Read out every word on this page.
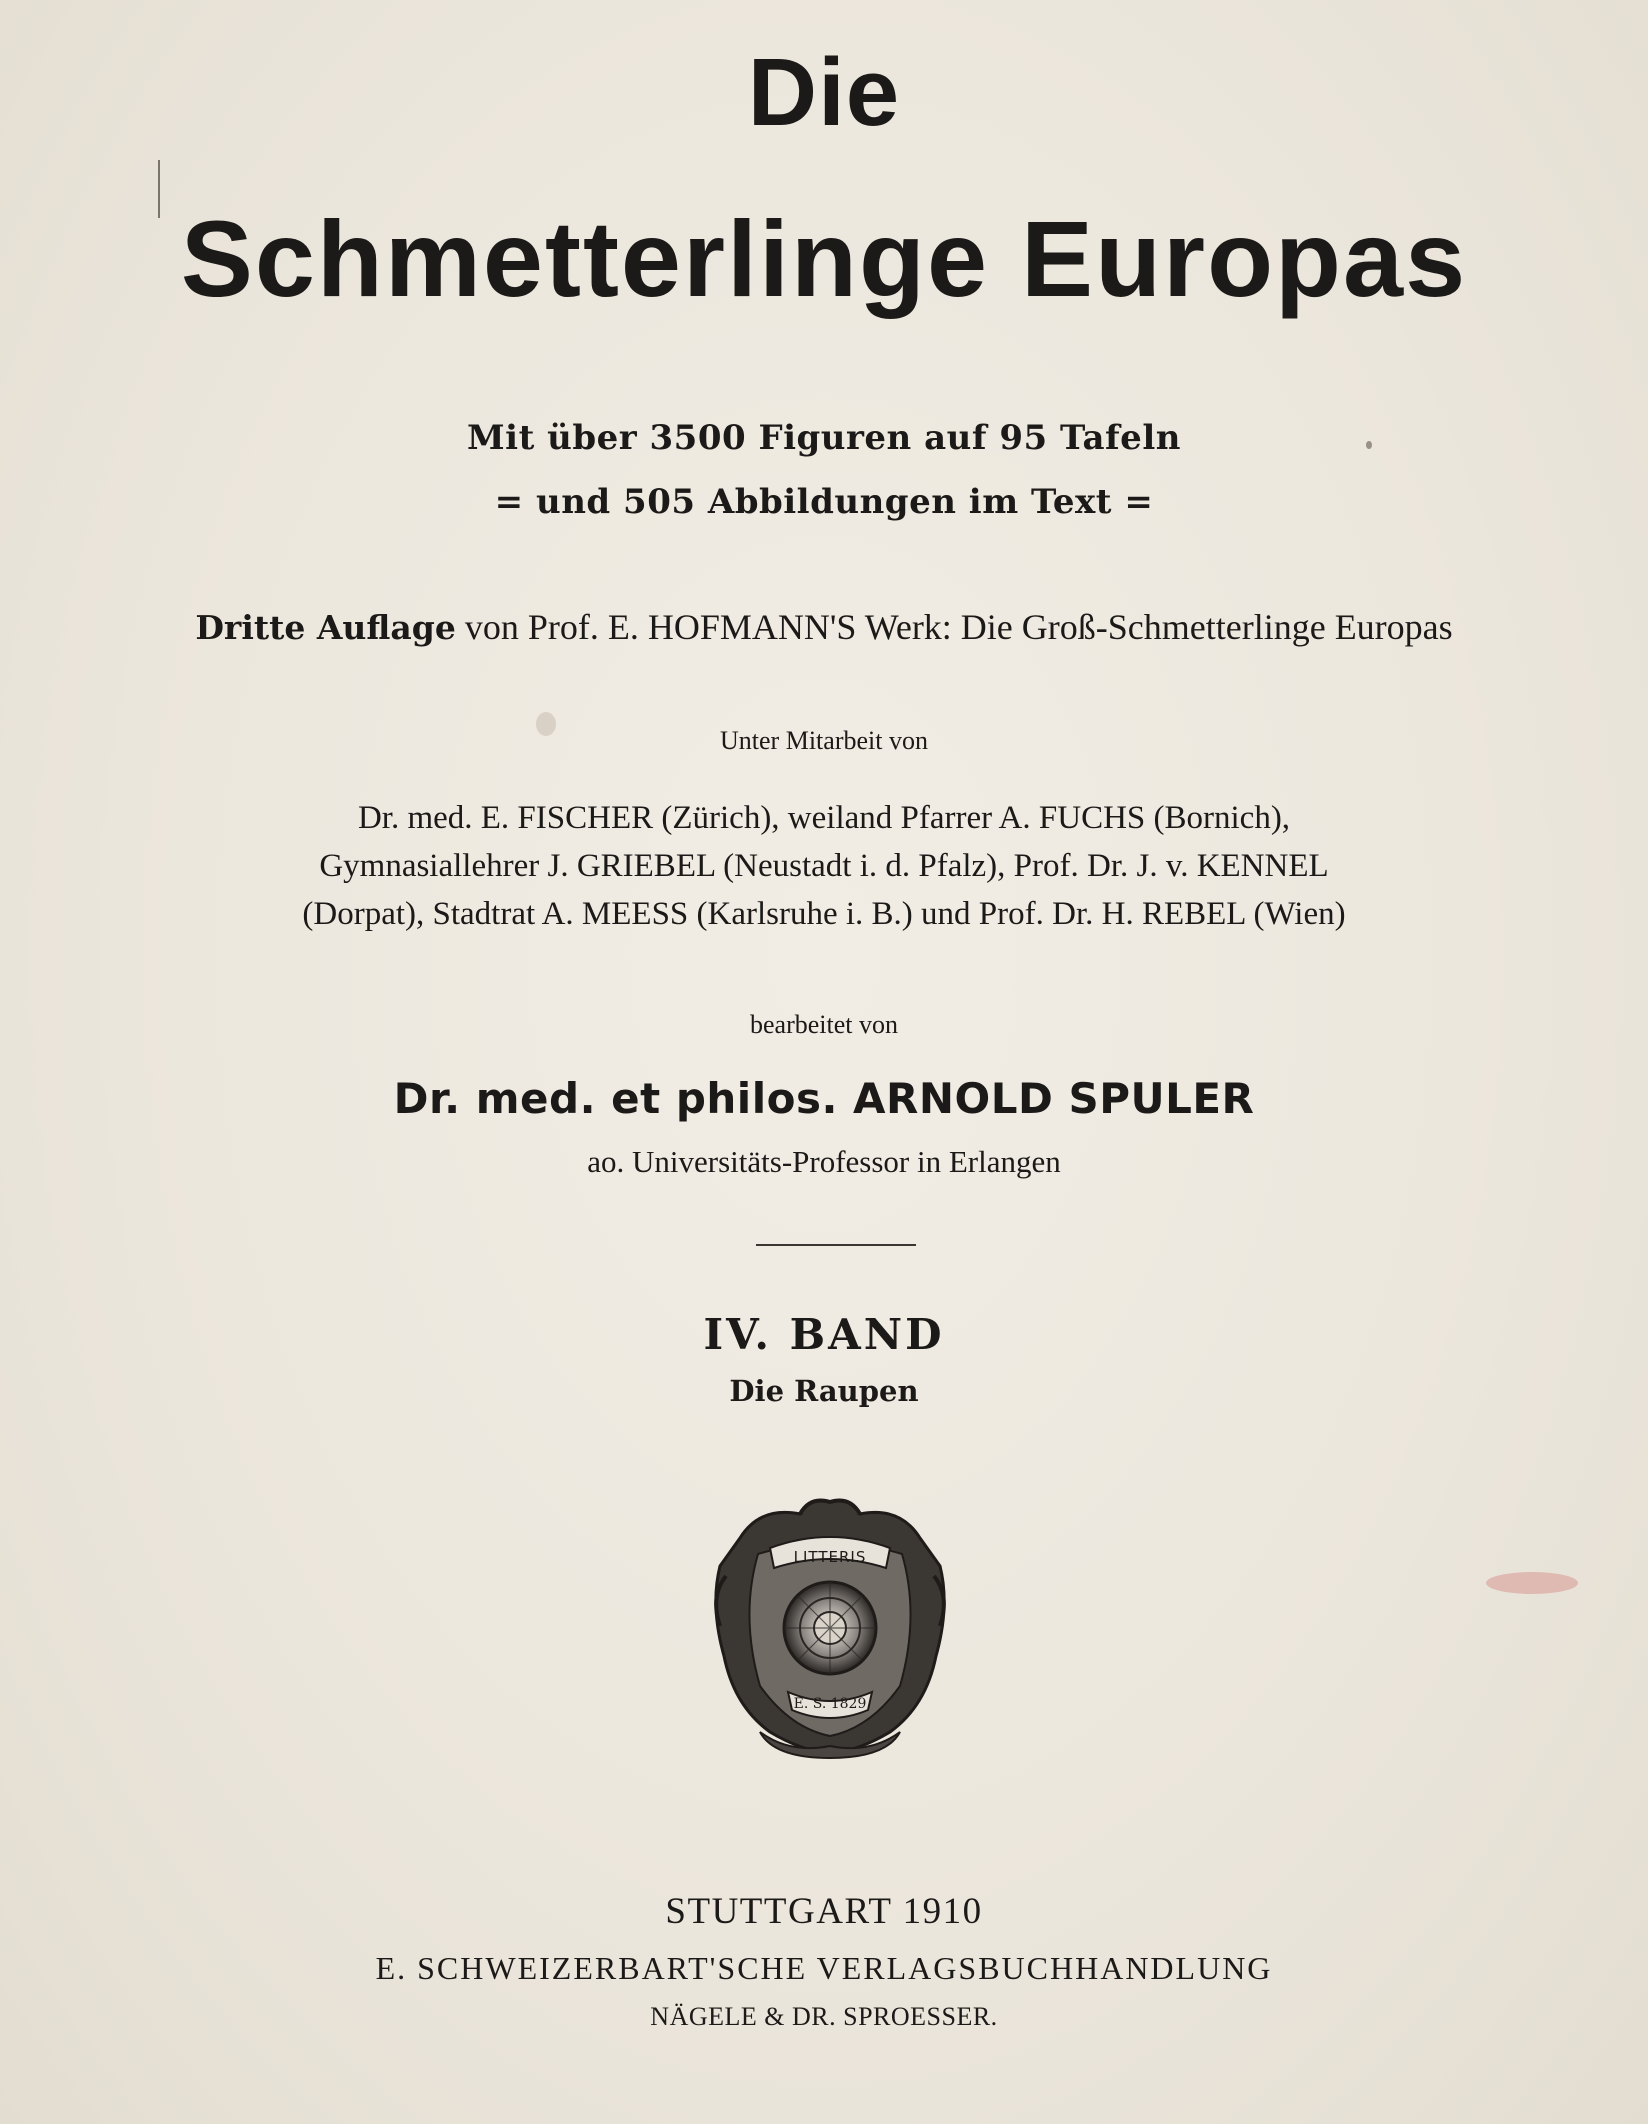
Die
Schmetterlinge Europas
Mit über 3500 Figuren auf 95 Tafeln
= und 505 Abbildungen im Text =
Dritte Auflage von Prof. E. HOFMANN'S Werk: Die Groß-Schmetterlinge Europas
Unter Mitarbeit von
Dr. med. E. FISCHER (Zürich), weiland Pfarrer A. FUCHS (Bornich),
Gymnasiallehrer J. GRIEBEL (Neustadt i. d. Pfalz), Prof. Dr. J. v. KENNEL
(Dorpat), Stadtrat A. MEESS (Karlsruhe i. B.) und Prof. Dr. H. REBEL (Wien)
bearbeitet von
Dr. med. et philos. ARNOLD SPULER
ao. Universitäts-Professor in Erlangen
IV. BAND
Die Raupen
LITTERIS
E. S. 1829
STUTTGART 1910
E. SCHWEIZERBART'SCHE VERLAGSBUCHHANDLUNG
NÄGELE & DR. SPROESSER.
